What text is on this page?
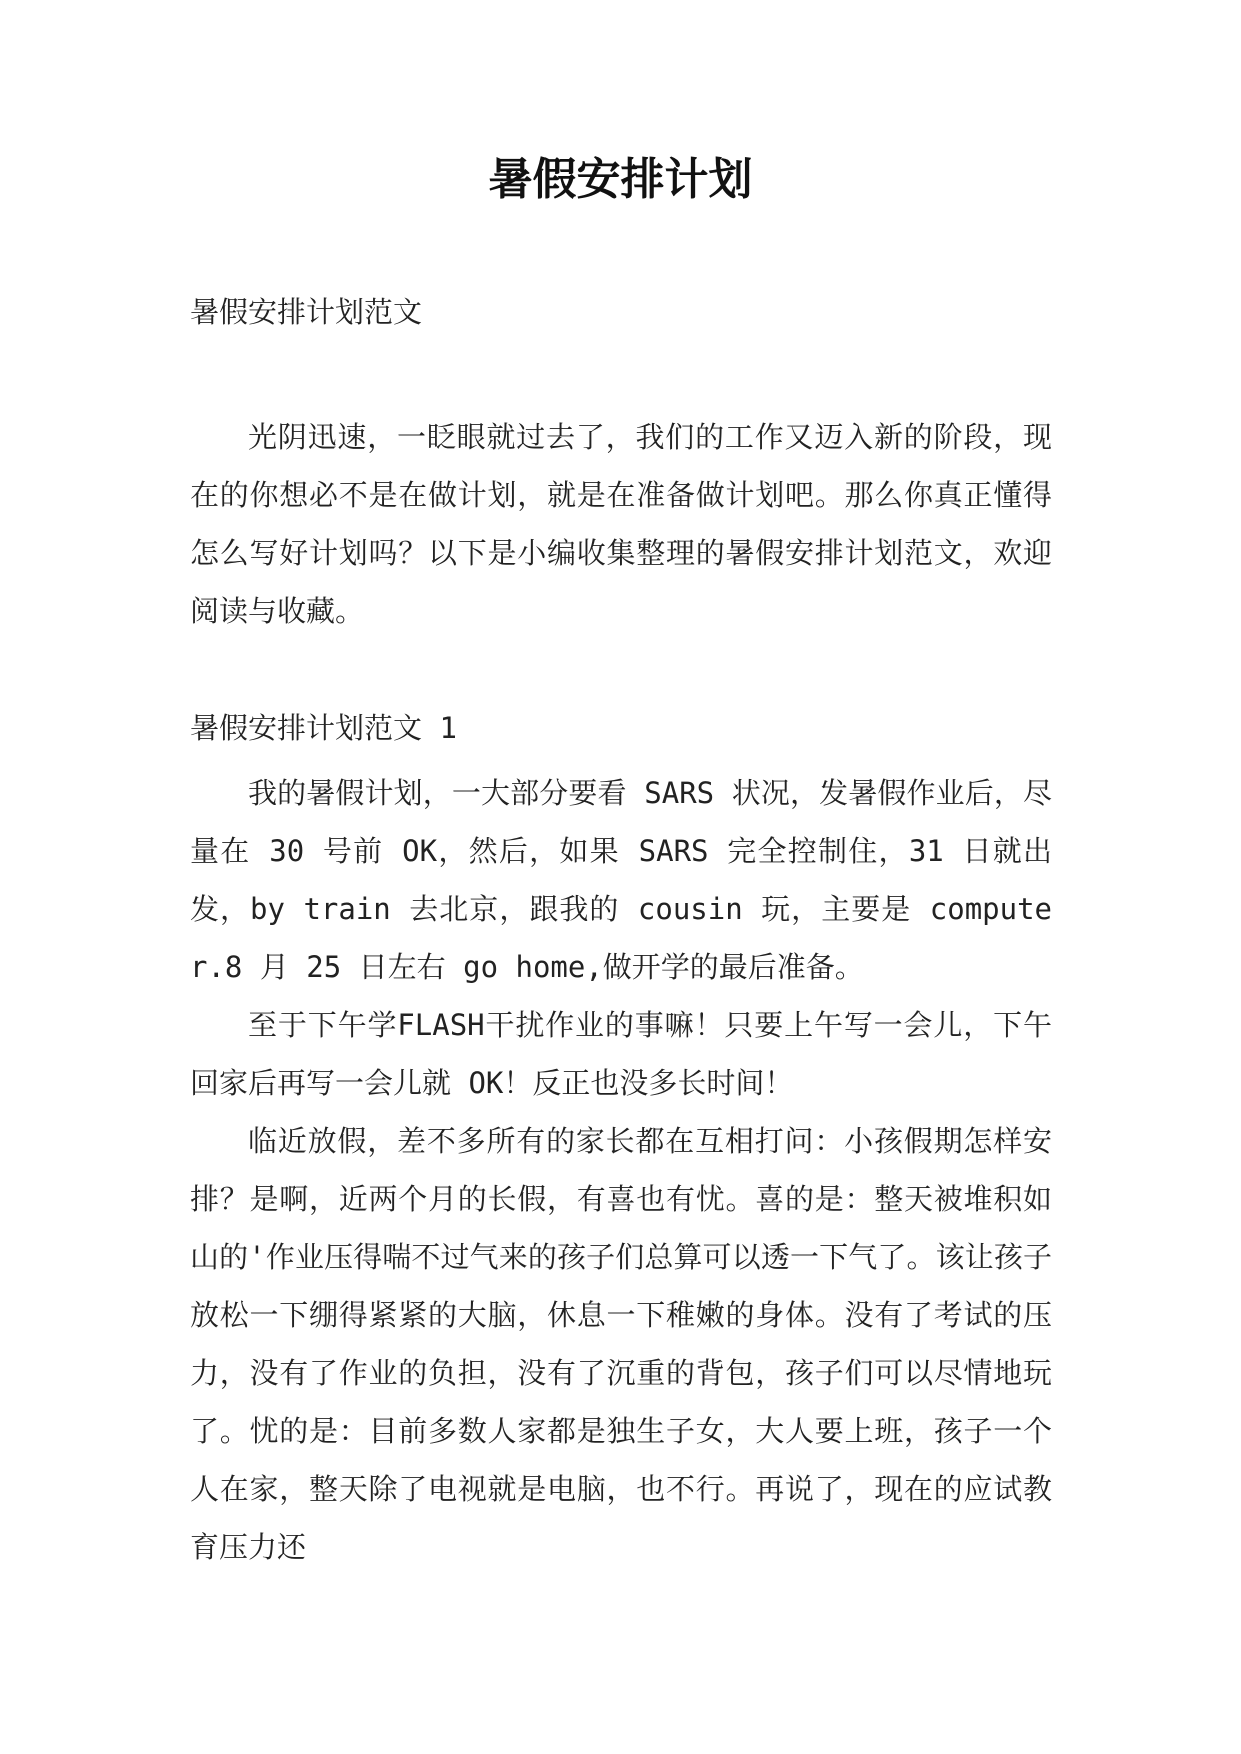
暑假安排计划

暑假安排计划范文

光阴迅速，一眨眼就过去了，我们的工作又迈入新的阶段，现在的你想必不是在做计划，就是在准备做计划吧。那么你真正懂得怎么写好计划吗？以下是小编收集整理的暑假安排计划范文，欢迎阅读与收藏。

暑假安排计划范文 1

我的暑假计划，一大部分要看 SARS 状况，发暑假作业后，尽量在 30 号前 OK，然后，如果 SARS 完全控制住，31 日就出发，by train 去北京，跟我的 cousin 玩，主要是 computer.8 月 25 日左右 go home,做开学的最后准备。

至于下午学FLASH干扰作业的事嘛！只要上午写一会儿，下午回家后再写一会儿就 OK！反正也没多长时间！

临近放假，差不多所有的家长都在互相打问：小孩假期怎样安排？是啊，近两个月的长假，有喜也有忧。喜的是：整天被堆积如山的'作业压得喘不过气来的孩子们总算可以透一下气了。该让孩子放松一下绷得紧紧的大脑，休息一下稚嫩的身体。没有了考试的压力，没有了作业的负担，没有了沉重的背包，孩子们可以尽情地玩了。忧的是：目前多数人家都是独生子女，大人要上班，孩子一个人在家，整天除了电视就是电脑，也不行。再说了，现在的应试教育压力还
